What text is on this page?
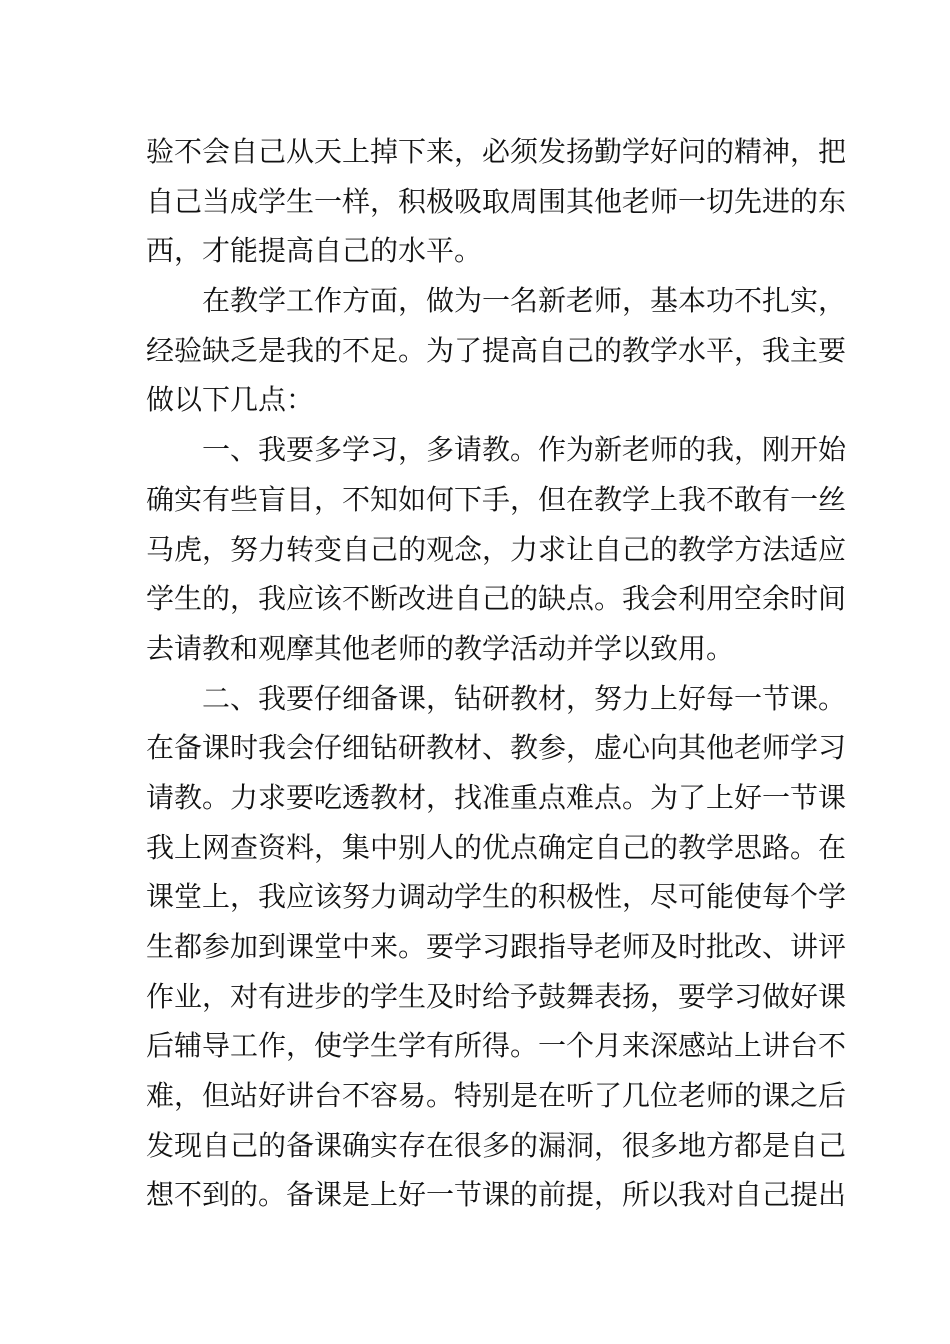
验不会自己从天上掉下来，必须发扬勤学好问的精神，把
自己当成学生一样，积极吸取周围其他老师一切先进的东
西，才能提高自己的水平。
在教学工作方面，做为一名新老师，基本功不扎实，
经验缺乏是我的不足。为了提高自己的教学水平，我主要
做以下几点：
一、我要多学习，多请教。作为新老师的我，刚开始
确实有些盲目，不知如何下手，但在教学上我不敢有一丝
马虎，努力转变自己的观念，力求让自己的教学方法适应
学生的，我应该不断改进自己的缺点。我会利用空余时间
去请教和观摩其他老师的教学活动并学以致用。
二、我要仔细备课，钻研教材，努力上好每一节课。
在备课时我会仔细钻研教材、教参，虚心向其他老师学习
请教。力求要吃透教材，找准重点难点。为了上好一节课
我上网查资料，集中别人的优点确定自己的教学思路。在
课堂上，我应该努力调动学生的积极性，尽可能使每个学
生都参加到课堂中来。要学习跟指导老师及时批改、讲评
作业，对有进步的学生及时给予鼓舞表扬，要学习做好课
后辅导工作，使学生学有所得。一个月来深感站上讲台不
难，但站好讲台不容易。特别是在听了几位老师的课之后
发现自己的备课确实存在很多的漏洞，很多地方都是自己
想不到的。备课是上好一节课的前提，所以我对自己提出
